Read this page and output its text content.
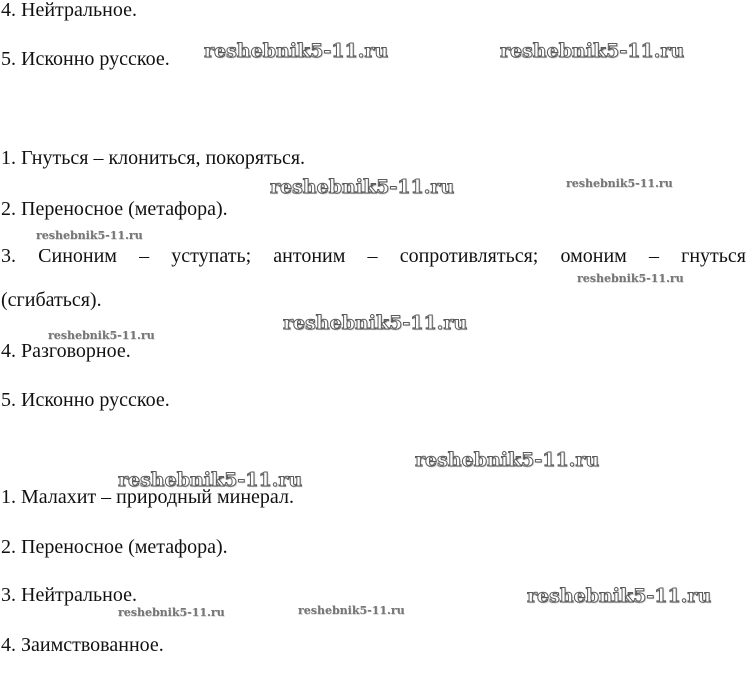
4. Нейтральное.
5. Исконно русское.
1. Гнуться – клониться, покоряться.
2. Переносное (метафора).
3. Синоним – уступать; антоним – сопротивляться; омоним – гнуться
(сгибаться).
4. Разговорное.
5. Исконно русское.
1. Малахит – природный минерал.
2. Переносное (метафора).
3. Нейтральное.
4. Заимствованное.
reshebnik5-11.ru	reshebnik5-11.ru
reshebnik5-11.ru	reshebnik5-11.ru
reshebnik5-11.ru
reshebnik5-11.ru
reshebnik5-11.ru
reshebnik5-11.ru
reshebnik5-11.ru
reshebnik5-11.ru
reshebnik5-11.ru
reshebnik5-11.ru	reshebnik5-11.ru
